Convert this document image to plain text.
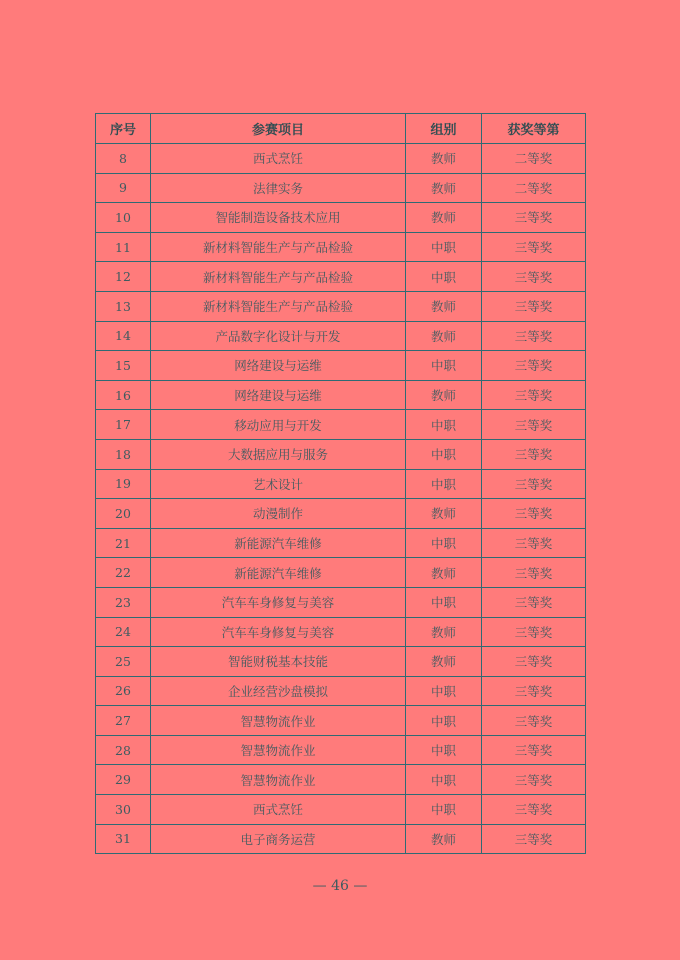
序号	参赛项目	组别	获奖等第
8	西式烹饪	教师	二等奖
9	法律实务	教师	二等奖
10	智能制造设备技术应用	教师	三等奖
11	新材料智能生产与产品检验	中职	三等奖
12	新材料智能生产与产品检验	中职	三等奖
13	新材料智能生产与产品检验	教师	三等奖
14	产品数字化设计与开发	教师	三等奖
15	网络建设与运维	中职	三等奖
16	网络建设与运维	教师	三等奖
17	移动应用与开发	中职	三等奖
18	大数据应用与服务	中职	三等奖
19	艺术设计	中职	三等奖
20	动漫制作	教师	三等奖
21	新能源汽车维修	中职	三等奖
22	新能源汽车维修	教师	三等奖
23	汽车车身修复与美容	中职	三等奖
24	汽车车身修复与美容	教师	三等奖
25	智能财税基本技能	教师	三等奖
26	企业经营沙盘模拟	中职	三等奖
27	智慧物流作业	中职	三等奖
28	智慧物流作业	中职	三等奖
29	智慧物流作业	中职	三等奖
30	西式烹饪	中职	三等奖
31	电子商务运营	教师	三等奖
— 46 —
